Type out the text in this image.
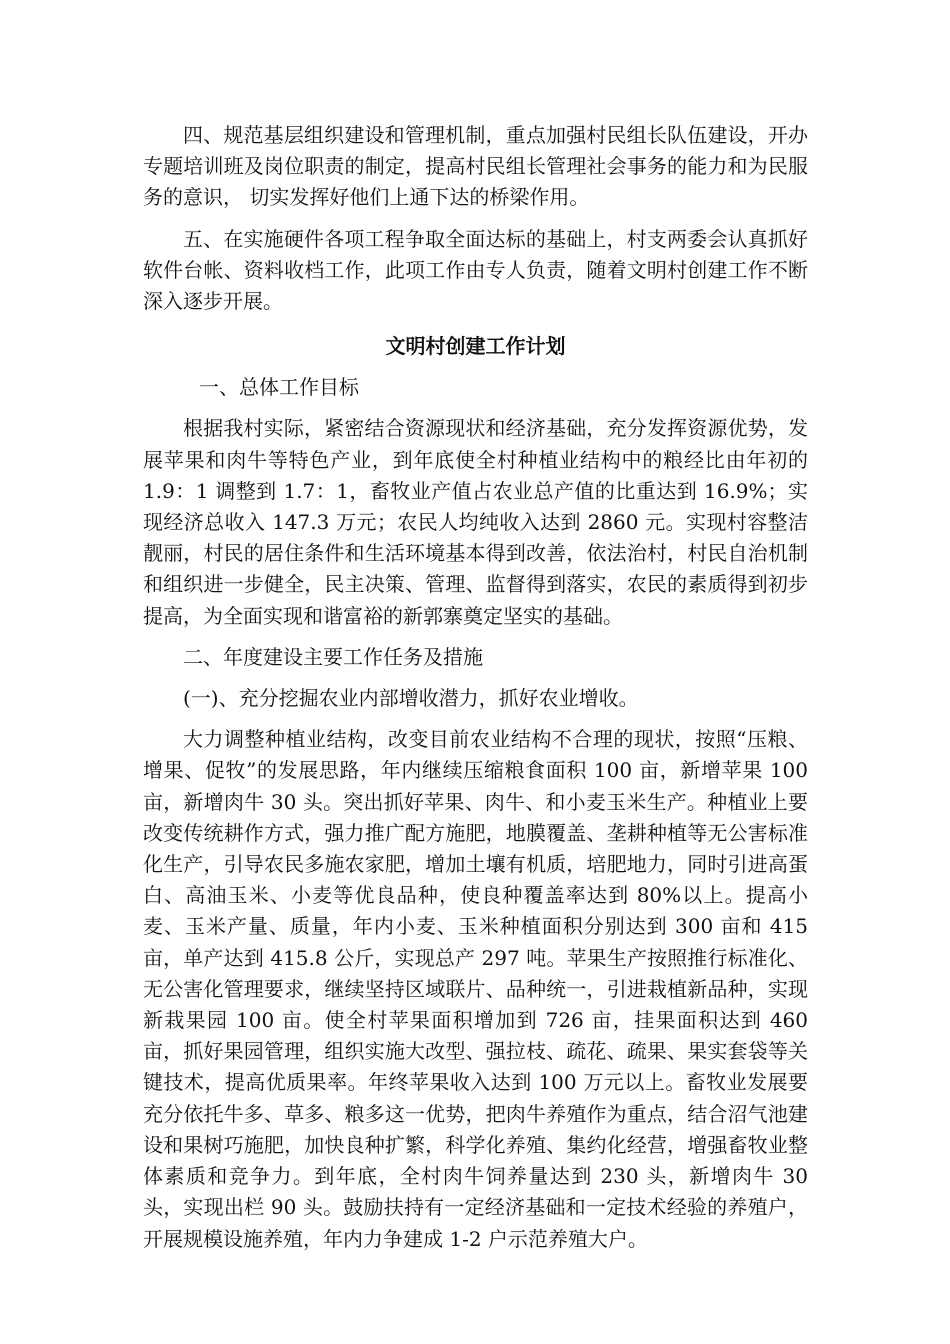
四、规范基层组织建设和管理机制，重点加强村民组长队伍建设，开办专题培训班及岗位职责的制定，提高村民组长管理社会事务的能力和为民服务的意识， 切实发挥好他们上通下达的桥梁作用。

五、在实施硬件各项工程争取全面达标的基础上，村支两委会认真抓好软件台帐、资料收档工作，此项工作由专人负责，随着文明村创建工作不断深入逐步开展。

文明村创建工作计划

一、总体工作目标

根据我村实际，紧密结合资源现状和经济基础，充分发挥资源优势，发展苹果和肉牛等特色产业，到年底使全村种植业结构中的粮经比由年初的 1.9：1 调整到 1.7：1，畜牧业产值占农业总产值的比重达到 16.9%；实现经济总收入 147.3 万元；农民人均纯收入达到 2860 元。实现村容整洁靓丽，村民的居住条件和生活环境基本得到改善，依法治村，村民自治机制和组织进一步健全，民主决策、管理、监督得到落实，农民的素质得到初步提高，为全面实现和谐富裕的新郭寨奠定坚实的基础。

二、年度建设主要工作任务及措施

(一)、充分挖掘农业内部增收潜力，抓好农业增收。

大力调整种植业结构，改变目前农业结构不合理的现状，按照“压粮、增果、促牧”的发展思路，年内继续压缩粮食面积 100 亩，新增苹果 100 亩，新增肉牛 30 头。突出抓好苹果、肉牛、和小麦玉米生产。种植业上要改变传统耕作方式，强力推广配方施肥，地膜覆盖、垄耕种植等无公害标准化生产，引导农民多施农家肥，增加土壤有机质，培肥地力，同时引进高蛋白、高油玉米、小麦等优良品种，使良种覆盖率达到 80%以上。提高小麦、玉米产量、质量，年内小麦、玉米种植面积分别达到 300 亩和 415 亩，单产达到 415.8 公斤，实现总产 297 吨。苹果生产按照推行标准化、无公害化管理要求，继续坚持区域联片、品种统一，引进栽植新品种，实现新栽果园 100 亩。使全村苹果面积增加到 726 亩，挂果面积达到 460 亩，抓好果园管理，组织实施大改型、强拉枝、疏花、疏果、果实套袋等关键技术，提高优质果率。年终苹果收入达到 100 万元以上。畜牧业发展要充分依托牛多、草多、粮多这一优势，把肉牛养殖作为重点，结合沼气池建设和果树巧施肥，加快良种扩繁，科学化养殖、集约化经营，增强畜牧业整体素质和竞争力。到年底，全村肉牛饲养量达到 230 头，新增肉牛 30 头，实现出栏 90 头。鼓励扶持有一定经济基础和一定技术经验的养殖户，开展规模设施养殖，年内力争建成 1-2 户示范养殖大户。
